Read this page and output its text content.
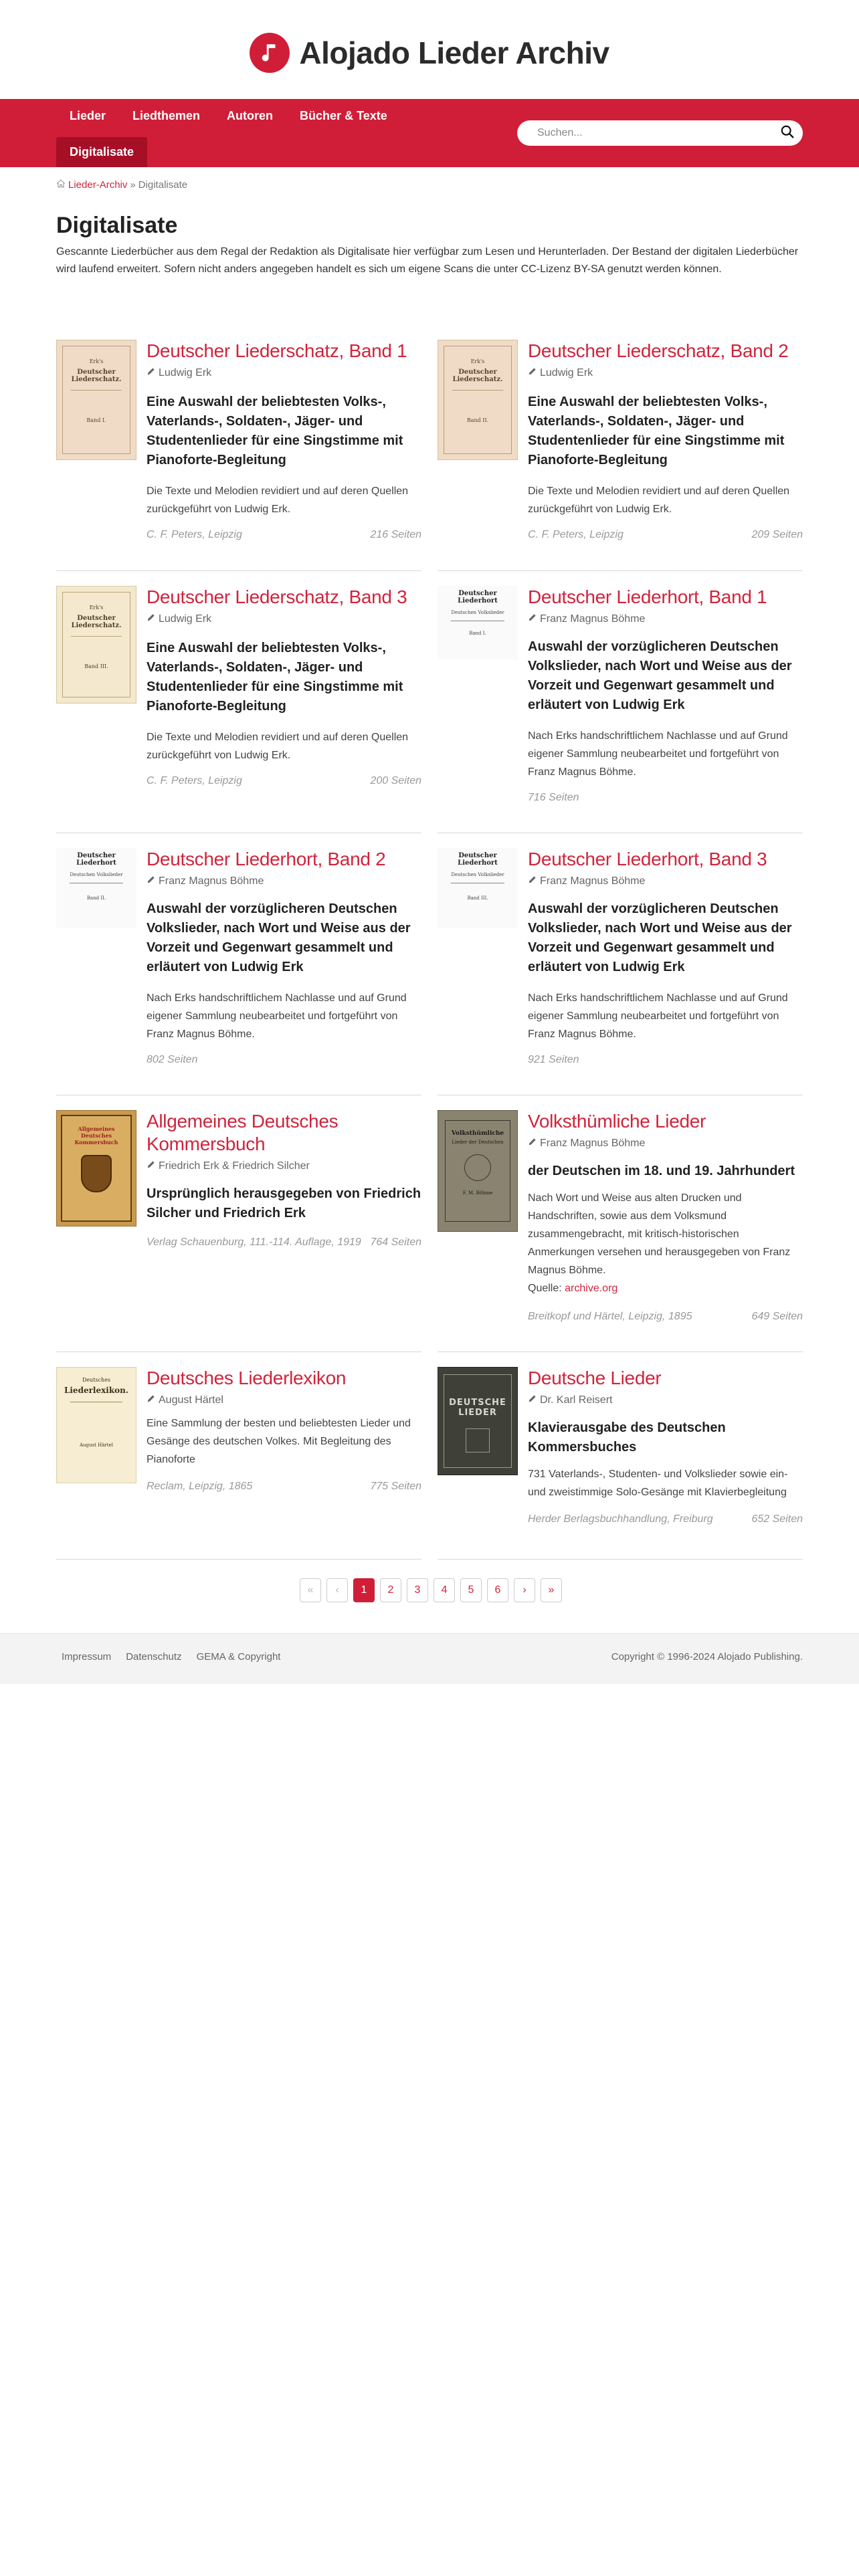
Alojado Lieder Archiv
Lieder	Liedthemen	Autoren	Bücher & Texte
Digitalisate
Suchen...
Lieder-Archiv » Digitalisate
Digitalisate

Gescannte Liederbücher aus dem Regal der Redaktion als Digitalisate hier verfügbar zum Lesen und Herunterladen. Der Bestand der digitalen Liederbücher wird laufend erweitert. Sofern nicht anders angegeben handelt es sich um eigene Scans die unter CC-Lizenz BY-SA genutzt werden können.

Erk's
Deutscher Liederschatz.
Band I.
Deutscher Liederschatz, Band 1
Ludwig Erk
Eine Auswahl der beliebtesten Volks-, Vaterlands-, Soldaten-, Jäger- und Studentenlieder für eine Singstimme mit Pianoforte-Begleitung
Die Texte und Melodien revidiert und auf deren Quellen zurückgeführt von Ludwig Erk.
C. F. Peters, Leipzig	216 Seiten
Erk's
Deutscher Liederschatz.
Band II.
Deutscher Liederschatz, Band 2
Ludwig Erk
Eine Auswahl der beliebtesten Volks-, Vaterlands-, Soldaten-, Jäger- und Studentenlieder für eine Singstimme mit Pianoforte-Begleitung
Die Texte und Melodien revidiert und auf deren Quellen zurückgeführt von Ludwig Erk.
C. F. Peters, Leipzig	209 Seiten
Erk's
Deutscher Liederschatz.
Band III.
Deutscher Liederschatz, Band 3
Ludwig Erk
Eine Auswahl der beliebtesten Volks-, Vaterlands-, Soldaten-, Jäger- und Studentenlieder für eine Singstimme mit Pianoforte-Begleitung
Die Texte und Melodien revidiert und auf deren Quellen zurückgeführt von Ludwig Erk.
C. F. Peters, Leipzig	200 Seiten
Deutscher Liederhort
Deutschen Volkslieder
Band I.
Deutscher Liederhort, Band 1
Franz Magnus Böhme
Auswahl der vorzüglicheren Deutschen Volkslieder, nach Wort und Weise aus der Vorzeit und Gegenwart gesammelt und erläutert von Ludwig Erk
Nach Erks handschriftlichem Nachlasse und auf Grund eigener Sammlung neubearbeitet und fortgeführt von Franz Magnus Böhme.
716 Seiten
Deutscher Liederhort
Deutschen Volkslieder
Band II.
Deutscher Liederhort, Band 2
Franz Magnus Böhme
Auswahl der vorzüglicheren Deutschen Volkslieder, nach Wort und Weise aus der Vorzeit und Gegenwart gesammelt und erläutert von Ludwig Erk
Nach Erks handschriftlichem Nachlasse und auf Grund eigener Sammlung neubearbeitet und fortgeführt von Franz Magnus Böhme.
802 Seiten
Deutscher Liederhort
Deutschen Volkslieder
Band III.
Deutscher Liederhort, Band 3
Franz Magnus Böhme
Auswahl der vorzüglicheren Deutschen Volkslieder, nach Wort und Weise aus der Vorzeit und Gegenwart gesammelt und erläutert von Ludwig Erk
Nach Erks handschriftlichem Nachlasse und auf Grund eigener Sammlung neubearbeitet und fortgeführt von Franz Magnus Böhme.
921 Seiten
Allgemeines
Deutsches
Kommersbuch
Allgemeines Deutsches Kommersbuch
Friedrich Erk & Friedrich Silcher
Ursprünglich herausgegeben von Friedrich Silcher und Friedrich Erk
Verlag Schauenburg, 111.-114. Auflage, 1919 764 Seiten
Volksthümliche
Lieder der Deutschen
F. M. Böhme
Volksthümliche Lieder
Franz Magnus Böhme
der Deutschen im 18. und 19. Jahrhundert
Nach Wort und Weise aus alten Drucken und Handschriften, sowie aus dem Volksmund zusammengebracht, mit kritisch-historischen Anmerkungen versehen und herausgegeben von Franz Magnus Böhme.
Quelle: archive.org
Breitkopf und Härtel, Leipzig, 1895	649 Seiten
Deutsches
Liederlexikon.
August Härtel
Deutsches Liederlexikon
August Härtel
Eine Sammlung der besten und beliebtesten Lieder und Gesänge des deutschen Volkes. Mit Begleitung des Pianoforte
Reclam, Leipzig, 1865	775 Seiten
DEUTSCHE
LIEDER
Deutsche Lieder
Dr. Karl Reisert
Klavierausgabe des Deutschen Kommersbuches
731 Vaterlands-, Studenten- und Volkslieder sowie ein- und zweistimmige Solo-Gesänge mit Klavierbegleitung
Herder Berlagsbuchhandlung, Freiburg	652 Seiten
«	‹	1	2	3	4	5	6	›	»
Impressum Datenschutz GEMA & Copyright	Copyright © 1996-2024 Alojado Publishing.
